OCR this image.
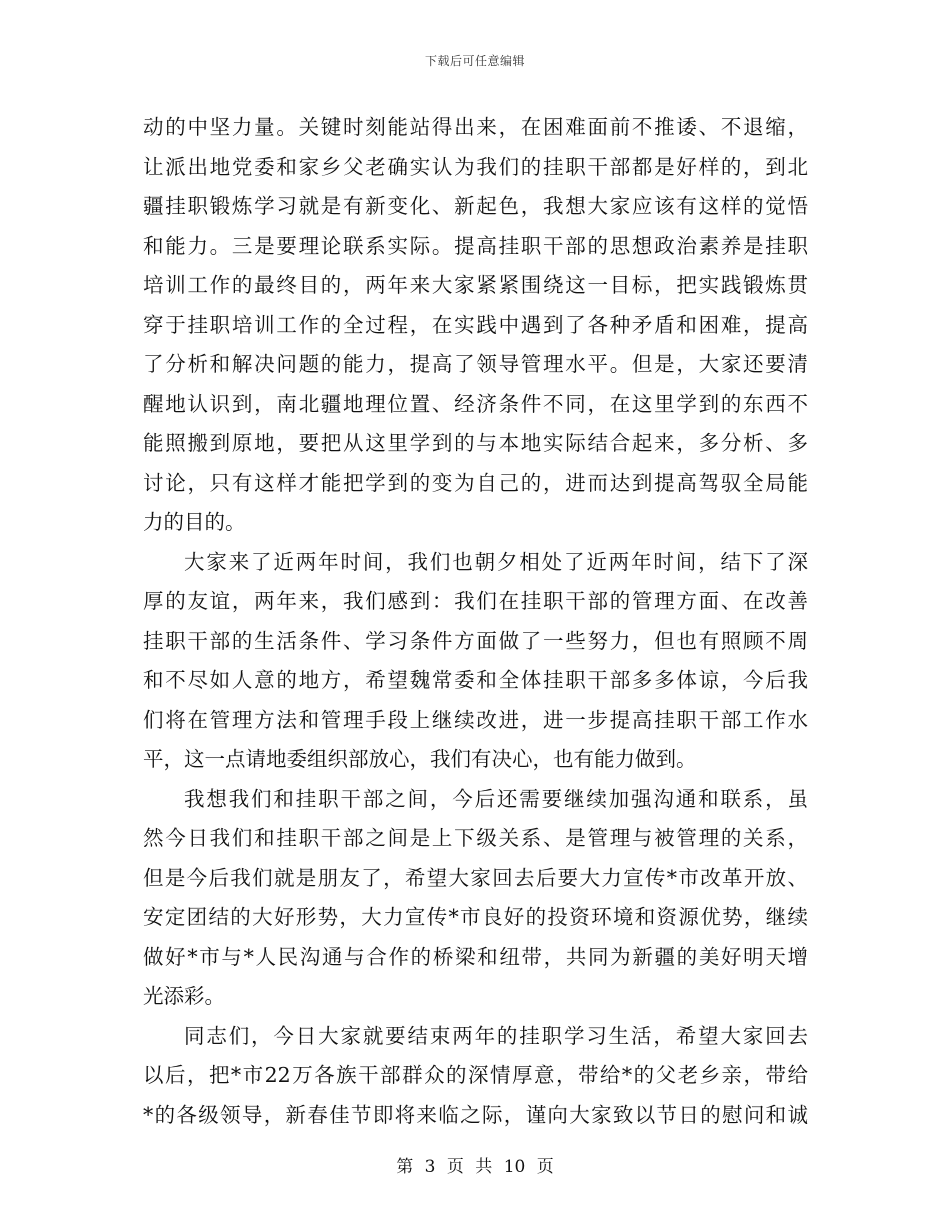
下载后可任意编辑
动的中坚力量。关键时刻能站得出来，在困难面前不推诿、不退缩，
让派出地党委和家乡父老确实认为我们的挂职干部都是好样的，到北
疆挂职锻炼学习就是有新变化、新起色，我想大家应该有这样的觉悟
和能力。三是要理论联系实际。提高挂职干部的思想政治素养是挂职
培训工作的最终目的，两年来大家紧紧围绕这一目标，把实践锻炼贯
穿于挂职培训工作的全过程，在实践中遇到了各种矛盾和困难，提高
了分析和解决问题的能力，提高了领导管理水平。但是，大家还要清
醒地认识到，南北疆地理位置、经济条件不同，在这里学到的东西不
能照搬到原地，要把从这里学到的与本地实际结合起来，多分析、多
讨论，只有这样才能把学到的变为自己的，进而达到提高驾驭全局能
力的目的。
大家来了近两年时间，我们也朝夕相处了近两年时间，结下了深
厚的友谊，两年来，我们感到：我们在挂职干部的管理方面、在改善
挂职干部的生活条件、学习条件方面做了一些努力，但也有照顾不周
和不尽如人意的地方，希望魏常委和全体挂职干部多多体谅，今后我
们将在管理方法和管理手段上继续改进，进一步提高挂职干部工作水
平，这一点请地委组织部放心，我们有决心，也有能力做到。
我想我们和挂职干部之间，今后还需要继续加强沟通和联系，虽
然今日我们和挂职干部之间是上下级关系、是管理与被管理的关系，
但是今后我们就是朋友了，希望大家回去后要大力宣传*市改革开放、
安定团结的大好形势，大力宣传*市良好的投资环境和资源优势，继续
做好*市与*人民沟通与合作的桥梁和纽带，共同为新疆的美好明天增
光添彩。
同志们，今日大家就要结束两年的挂职学习生活，希望大家回去
以后，把*市22万各族干部群众的深情厚意，带给*的父老乡亲，带给
*的各级领导，新春佳节即将来临之际，谨向大家致以节日的慰问和诚
第 3 页 共 10 页
